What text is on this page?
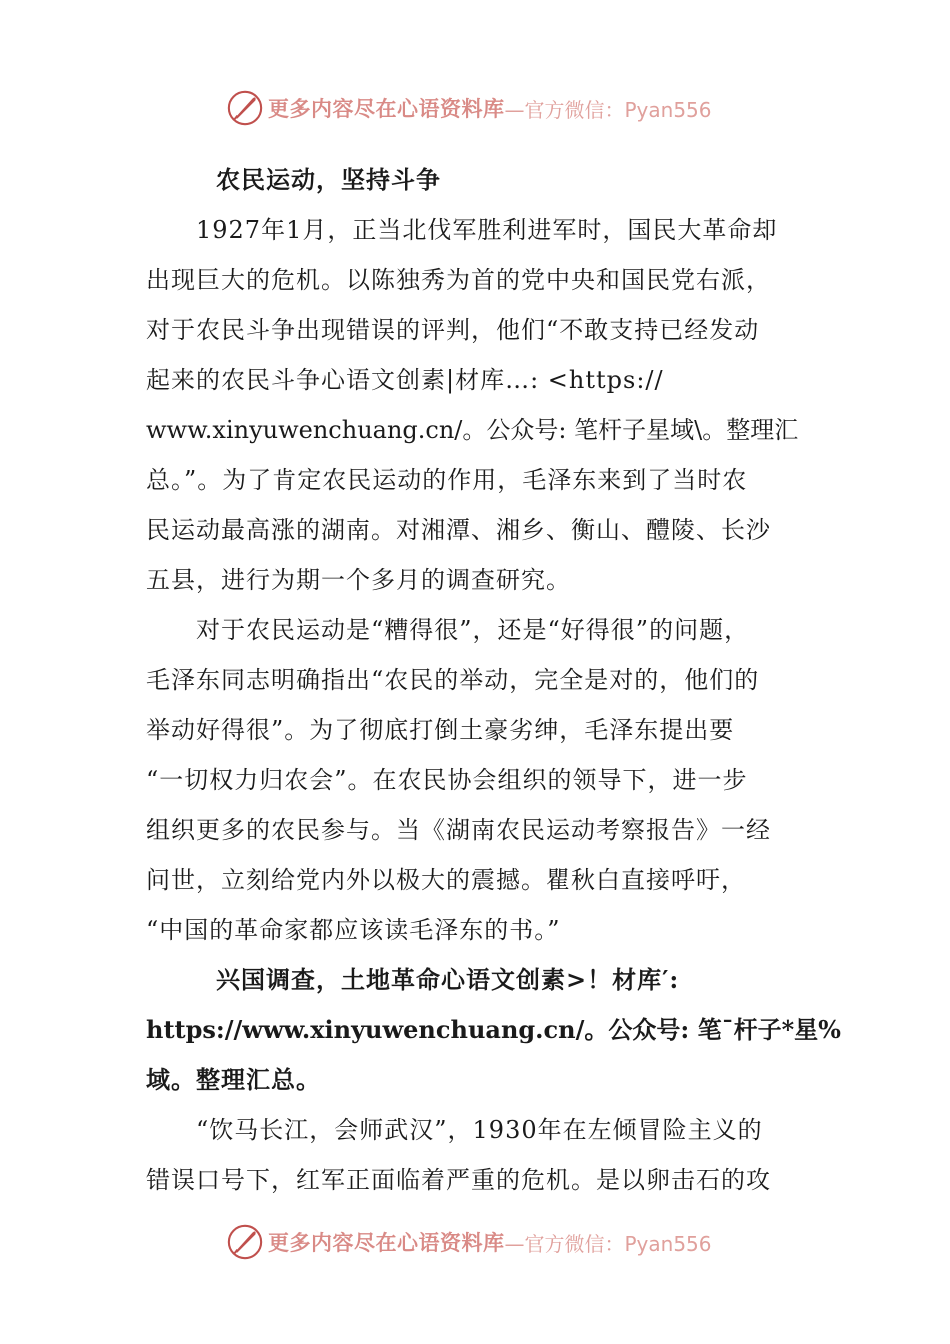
更多内容尽在心语资料库 —官方微信：Pyan556
农民运动，坚持斗争
1927年1月，正当北伐军胜利进军时，国民大革命却
出现巨大的危机。以陈独秀为首的党中央和国民党右派，
对于农民斗争出现错误的评判，他们“不敢支持已经发动
起来的农民斗争心语文创素|材库…: <https://
www.xinyuwenchuang.cn/。公众号: 笔杆子星域\。整理汇
总。”。为了肯定农民运动的作用，毛泽东来到了当时农
民运动最高涨的湖南。对湘潭、湘乡、衡山、醴陵、长沙
五县，进行为期一个多月的调查研究。
对于农民运动是“糟得很”，还是“好得很”的问题，
毛泽东同志明确指出“农民的举动，完全是对的，他们的
举动好得很”。为了彻底打倒土豪劣绅，毛泽东提出要
“一切权力归农会”。在农民协会组织的领导下，进一步
组织更多的农民参与。当《湖南农民运动考察报告》一经
问世，立刻给党内外以极大的震撼。瞿秋白直接呼吁，
“中国的革命家都应该读毛泽东的书。”
兴国调查，土地革命心语文创素>！材库′:
https://www.xinyuwenchuang.cn/。公众号: 笔¯杆子*星%
域。整理汇总。
“饮马长江，会师武汉”，1930年在左倾冒险主义的
错误口号下，红军正面临着严重的危机。是以卵击石的攻
更多内容尽在心语资料库 —官方微信：Pyan556
